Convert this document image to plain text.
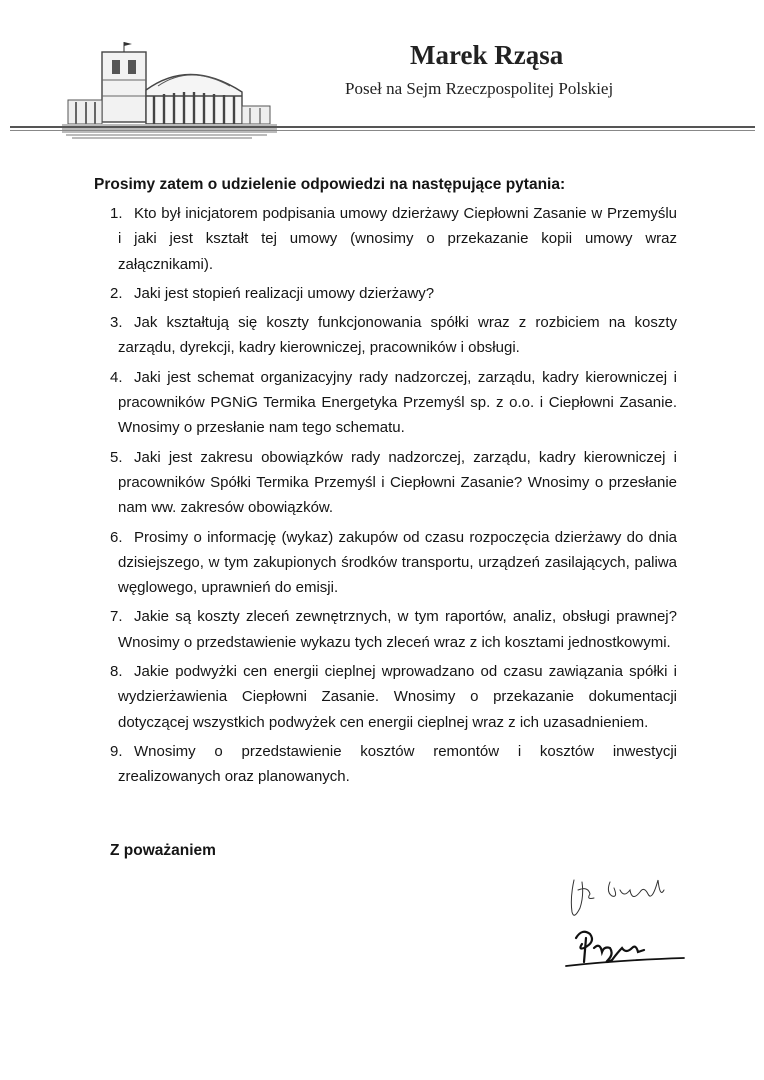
Marek Rząsa
Poseł na Sejm Rzeczpospolitej Polskiej

Prosimy zatem o udzielenie odpowiedzi na następujące pytania:

1. Kto był inicjatorem podpisania umowy dzierżawy Ciepłowni Zasanie w Przemyślu i jaki jest kształt tej umowy (wnosimy o przekazanie kopii umowy wraz załącznikami).
2. Jaki jest stopień realizacji umowy dzierżawy?
3. Jak kształtują się koszty funkcjonowania spółki wraz z rozbiciem na koszty zarządu, dyrekcji, kadry kierowniczej, pracowników i obsługi.
4. Jaki jest schemat organizacyjny rady nadzorczej, zarządu, kadry kierowniczej i pracowników PGNiG Termika Energetyka Przemyśl sp. z o.o. i Ciepłowni Zasanie. Wnosimy o przesłanie nam tego schematu.
5. Jaki jest zakresu obowiązków rady nadzorczej, zarządu, kadry kierowniczej i pracowników Spółki Termika Przemyśl i Ciepłowni Zasanie? Wnosimy o przesłanie nam ww. zakresów obowiązków.
6. Prosimy o informację (wykaz) zakupów od czasu rozpoczęcia dzierżawy do dnia dzisiejszego, w tym zakupionych środków transportu, urządzeń zasilających, paliwa węglowego, uprawnień do emisji.
7. Jakie są koszty zleceń zewnętrznych, w tym raportów, analiz, obsługi prawnej? Wnosimy o przedstawienie wykazu tych zleceń wraz z ich kosztami jednostkowymi.
8. Jakie podwyżki cen energii cieplnej wprowadzano od czasu zawiązania spółki i wydzierżawienia Ciepłowni Zasanie. Wnosimy o przekazanie dokumentacji dotyczącej wszystkich podwyżek cen energii cieplnej wraz z ich uzasadnieniem.
9. Wnosimy o przedstawienie kosztów remontów i kosztów inwestycji zrealizowanych oraz planowanych.

Z poważaniem
